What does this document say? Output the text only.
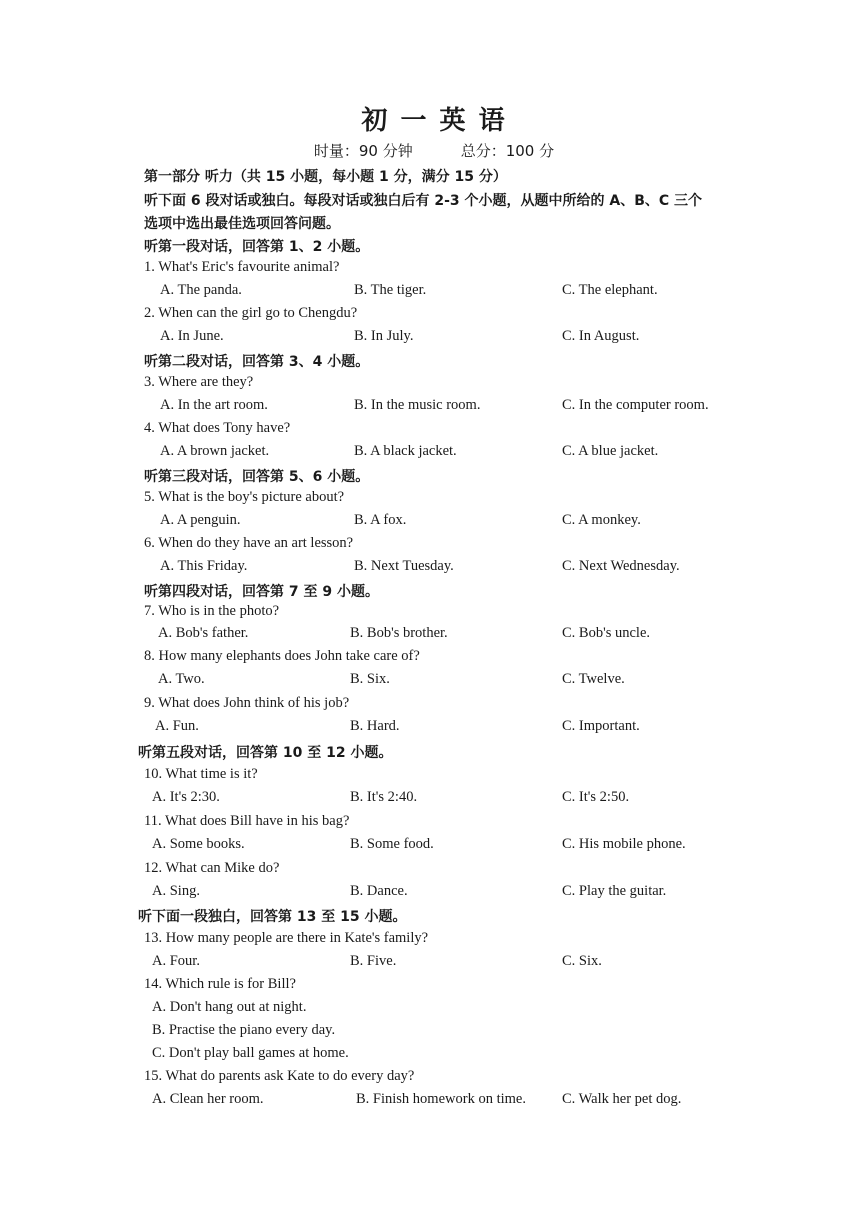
初 一 英 语
时量：90 分钟	总分：100 分
第一部分 听力（共 15 小题，每小题 1 分，满分 15 分）
听下面 6 段对话或独白。每段对话或独白后有 2-3 个小题，从题中所给的 A、B、C 三个
选项中选出最佳选项回答问题。
听第一段对话，回答第 1、2 小题。
1. What's Eric's favourite animal?
A. The panda.	B. The tiger.	C. The elephant.
2. When can the girl go to Chengdu?
A. In June.	B. In July.	C. In August.
听第二段对话，回答第 3、4 小题。
3. Where are they?
A. In the art room.	B. In the music room.	C. In the computer room.
4. What does Tony have?
A. A brown jacket.	B. A black jacket.	C. A blue jacket.
听第三段对话，回答第 5、6 小题。
5. What is the boy's picture about?
A. A penguin.	B. A fox.	C. A monkey.
6. When do they have an art lesson?
A. This Friday.	B. Next Tuesday.	C. Next Wednesday.
听第四段对话，回答第 7 至 9 小题。
7. Who is in the photo?
A. Bob's father.	B. Bob's brother.	C. Bob's uncle.
8. How many elephants does John take care of?
A. Two.	B. Six.	C. Twelve.
9. What does John think of his job?
A. Fun.	B. Hard.	C. Important.
听第五段对话，回答第 10 至 12 小题。
10. What time is it?
A. It's 2:30.	B. It's 2:40.	C. It's 2:50.
11. What does Bill have in his bag?
A. Some books.	B. Some food.	C. His mobile phone.
12. What can Mike do?
A. Sing.	B. Dance.	C. Play the guitar.
听下面一段独白，回答第 13 至 15 小题。
13. How many people are there in Kate's family?
A. Four.	B. Five.	C. Six.
14. Which rule is for Bill?
A. Don't hang out at night.
B. Practise the piano every day.
C. Don't play ball games at home.
15. What do parents ask Kate to do every day?
A. Clean her room.	B. Finish homework on time. C. Walk her pet dog.
